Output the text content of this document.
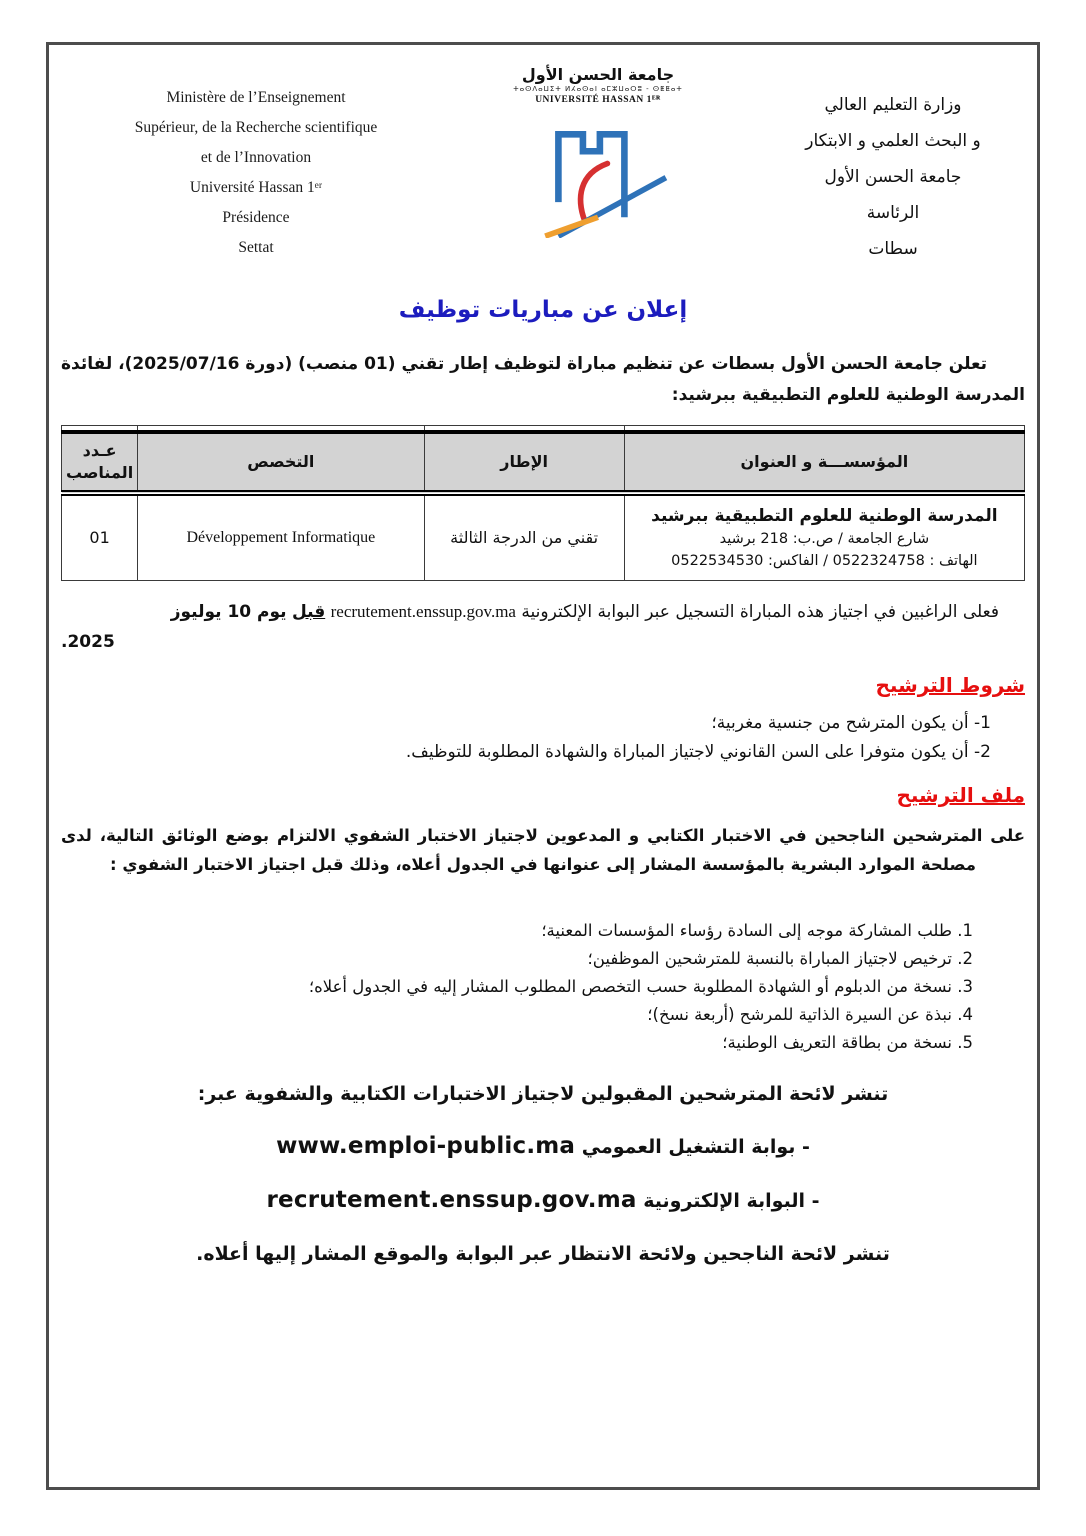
Ministère de l’Enseignement
Supérieur, de la Recherche scientifique
et de l’Innovation
Université Hassan 1ᵉʳ
Présidence
Settat
جامعة الحسن الأول
ⵜⴰⵙⴷⴰⵡⵉⵜ ⵍⵃⴰⵙⴰⵏ ⴰⵎⵣⵡⴰⵔⵓ - ⵙⵟⵟⴰⵜ
UNIVERSITÉ HASSAN 1ᴱᴿ	وزارة التعليم العالي
و البحث العلمي و الابتكار
جامعة الحسن الأول
الرئاسة
سطات
إعلان عن مباريات توظيف

تعلن جامعة الحسن الأول بسطات عن تنظيم مباراة لتوظيف إطار تقني (01 منصب) (دورة 2025/07/16)، لفائدة المدرسة الوطنية للعلوم التطبيقية ببرشيد:

المؤسســـة و العنوان	الإطار	التخصص	عـدد المناصب

المدرسة الوطنية للعلوم التطبيقية ببرشيد
شارع الجامعة / ص.ب: 218 برشيد
الهاتف : 0522324758 / الفاكس: 0522534530	تقني من الدرجة الثالثة	Développement Informatique	01

فعلى الراغبين في اجتياز هذه المباراة التسجيل عبر البوابة الإلكترونية recrutement.enssup.gov.ma قبل يوم 10 يوليوز

2025.
شروط الترشيح
1- أن يكون المترشح من جنسية مغربية؛
2- أن يكون متوفرا على السن القانوني لاجتياز المباراة والشهادة المطلوبة للتوظيف.
ملف الترشيح

على المترشحين الناجحين في الاختبار الكتابي و المدعوين لاجتياز الاختبار الشفوي الالتزام بوضع الوثائق التالية، لدى مصلحة الموارد البشرية بالمؤسسة المشار إلى عنوانها في الجدول أعلاه، وذلك قبل اجتياز الاختبار الشفوي :

1. طلب المشاركة موجه إلى السادة رؤساء المؤسسات المعنية؛
2. ترخيص لاجتياز المباراة بالنسبة للمترشحين الموظفين؛
3. نسخة من الدبلوم أو الشهادة المطلوبة حسب التخصص المطلوب المشار إليه في الجدول أعلاه؛
4. نبذة عن السيرة الذاتية للمرشح (أربعة نسخ)؛
5. نسخة من بطاقة التعريف الوطنية؛
تنشر لائحة المترشحين المقبولين لاجتياز الاختبارات الكتابية والشفوية عبر:
- بوابة التشغيل العمومي www.emploi-public.ma
- البوابة الإلكترونية recrutement.enssup.gov.ma
تنشر لائحة الناجحين ولائحة الانتظار عبر البوابة والموقع المشار إليها أعلاه.
